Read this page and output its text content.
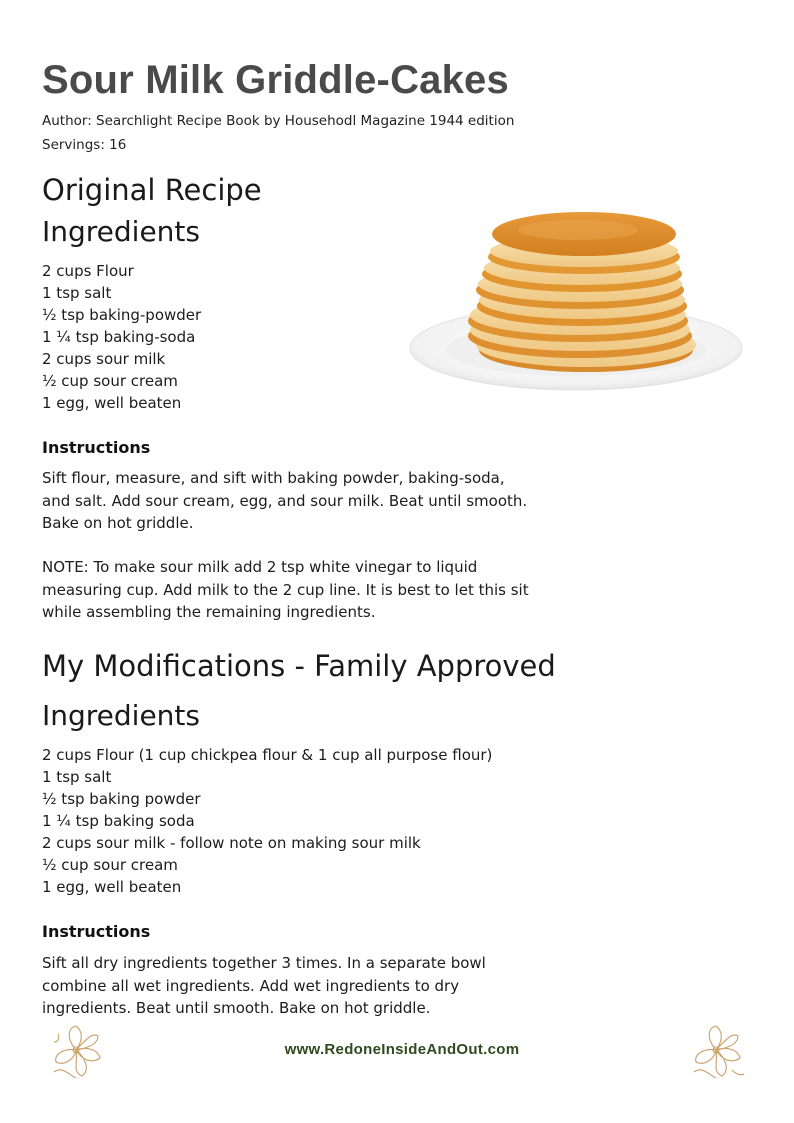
Sour Milk Griddle-Cakes
Author: Searchlight Recipe Book by Househodl Magazine 1944 edition
Servings: 16
Original Recipe
Ingredients
2 cups Flour
1 tsp salt
½ tsp baking-powder
1 ¼ tsp baking-soda
2 cups sour milk
½ cup sour cream
1 egg, well beaten
Instructions

Sift flour, measure, and sift with baking powder, baking-soda, and salt. Add sour cream, egg, and sour milk. Beat until smooth. Bake on hot griddle.

NOTE: To make sour milk add 2 tsp white vinegar to liquid measuring cup. Add milk to the 2 cup line. It is best to let this sit while assembling the remaining ingredients.

My Modifications - Family Approved
Ingredients
2 cups Flour (1 cup chickpea flour & 1 cup all purpose flour)
1 tsp salt
½ tsp baking powder
1 ¼ tsp baking soda
2 cups sour milk - follow note on making sour milk
½ cup sour cream
1 egg, well beaten
Instructions

Sift all dry ingredients together 3 times. In a separate bowl combine all wet ingredients. Add wet ingredients to dry ingredients. Beat until smooth. Bake on hot griddle.

www.RedoneInsideAndOut.com
